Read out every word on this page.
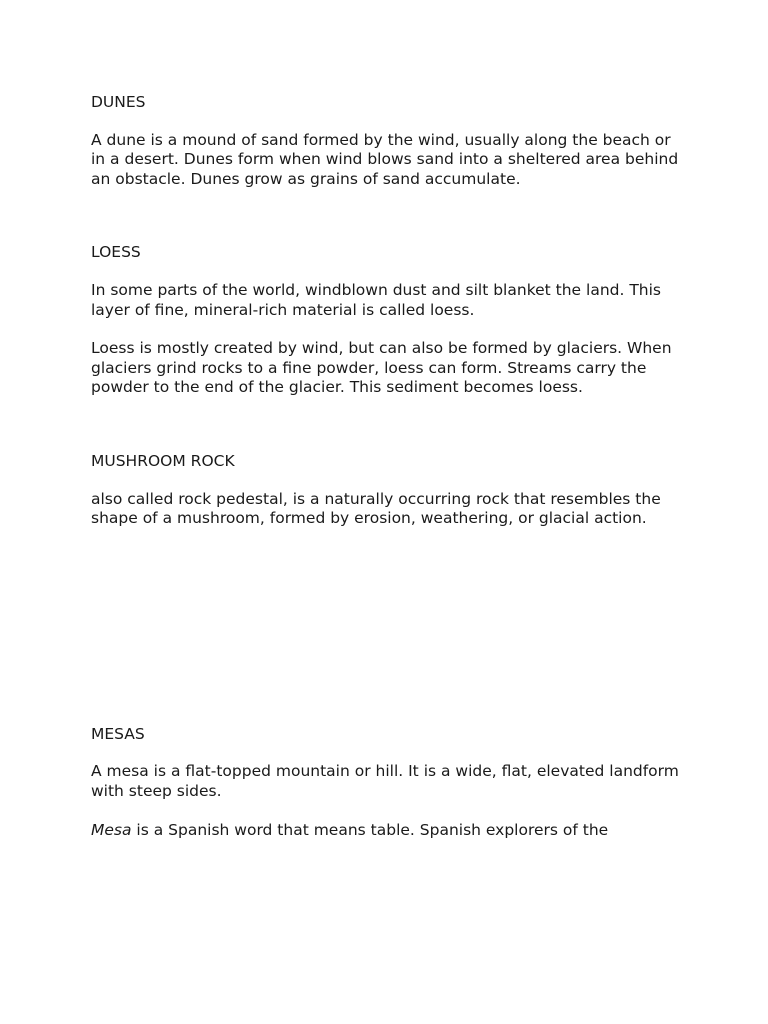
DUNES

A dune is a mound of sand formed by the wind, usually along the beach or in a desert. Dunes form when wind blows sand into a sheltered area behind an obstacle. Dunes grow as grains of sand accumulate.

LOESS

In some parts of the world, windblown dust and silt blanket the land. This layer of fine, mineral-rich material is called loess.

Loess is mostly created by wind, but can also be formed by glaciers. When glaciers grind rocks to a fine powder, loess can form. Streams carry the powder to the end of the glacier. This sediment becomes loess.

MUSHROOM ROCK

also called rock pedestal, is a naturally occurring rock that resembles the shape of a mushroom, formed by erosion, weathering, or glacial action.

MESAS

A mesa is a flat-topped mountain or hill. It is a wide, flat, elevated landform with steep sides.

Mesa is a Spanish word that means table. Spanish explorers of the
